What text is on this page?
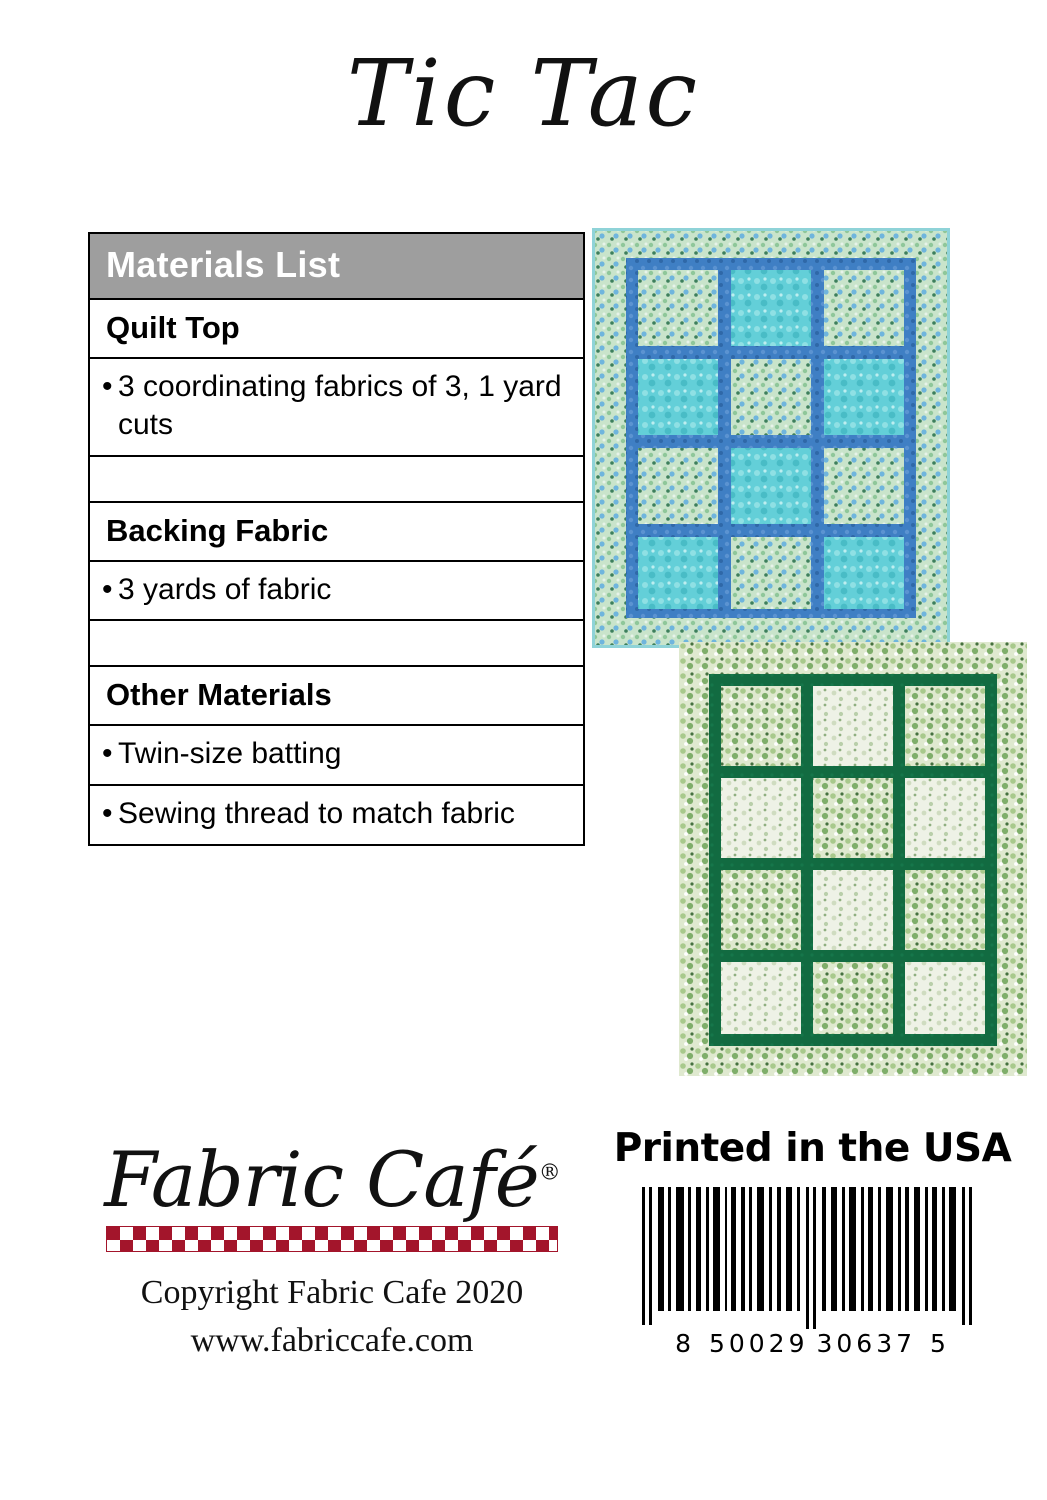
Tic Tac
Materials List
Quilt Top
• 3 coordinating fabrics of 3, 1 yard cuts
Backing Fabric
• 3 yards of fabric
Other Materials
• Twin-size batting
• Sewing thread to match fabric
Fabric Café®
Copyright Fabric Cafe 2020
www.fabriccafe.com
Printed in the USA
8 50029 30637 5
